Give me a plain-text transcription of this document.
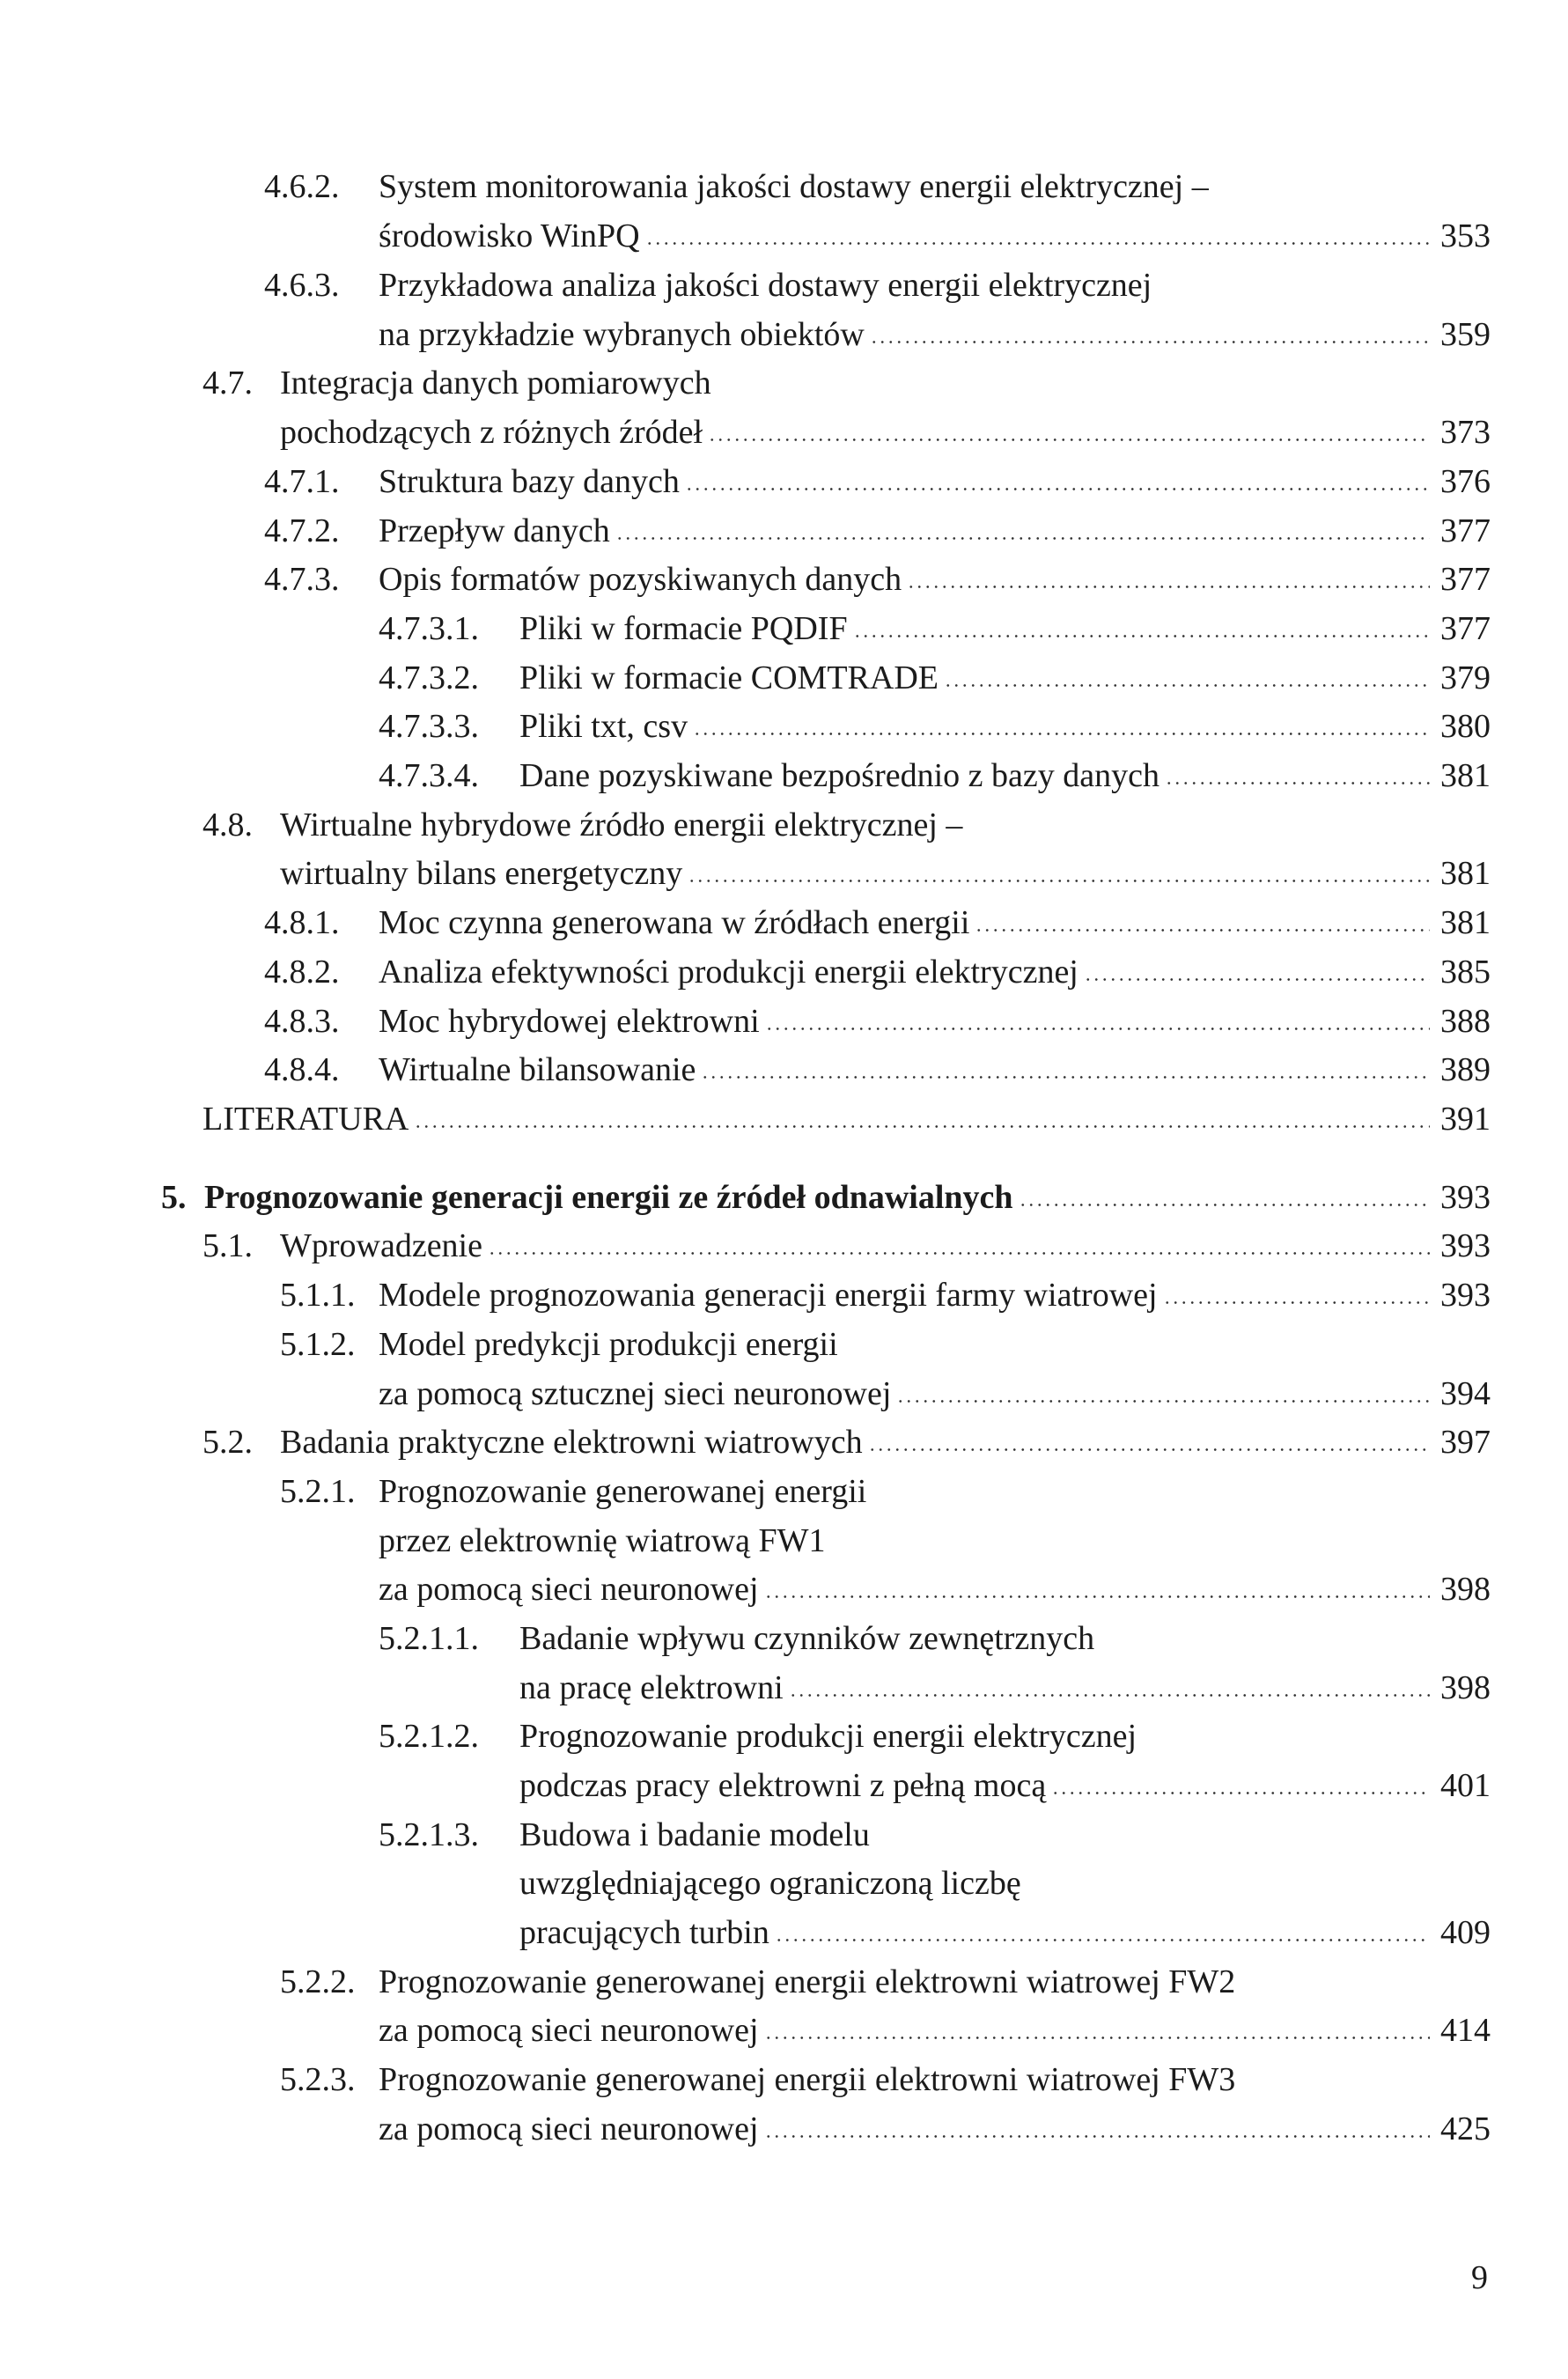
4.6.2.	System monitorowania jakości dostawy energii elektrycznej –
środowisko WinPQ	353
4.6.3.	Przykładowa analiza jakości dostawy energii elektrycznej
na przykładzie wybranych obiektów	359
4.7. Integracja danych pomiarowych
pochodzących z różnych źródeł	373
4.7.1.	Struktura bazy danych	376
4.7.2.	Przepływ danych	377
4.7.3.	Opis formatów pozyskiwanych danych	377
4.7.3.1.	Pliki w formacie PQDIF	377
4.7.3.2.	Pliki w formacie COMTRADE	379
4.7.3.3.	Pliki txt, csv	380
4.7.3.4.	Dane pozyskiwane bezpośrednio z bazy danych	381
4.8. Wirtualne hybrydowe źródło energii elektrycznej –
wirtualny bilans energetyczny	381
4.8.1.	Moc czynna generowana w źródłach energii	381
4.8.2.	Analiza efektywności produkcji energii elektrycznej	385
4.8.3.	Moc hybrydowej elektrowni	388
4.8.4.	Wirtualne bilansowanie	389
LITERATURA	391
5. Prognozowanie generacji energii ze źródeł odnawialnych	393
5.1. Wprowadzenie	393
5.1.1. Modele prognozowania generacji energii farmy wiatrowej	393
5.1.2. Model predykcji produkcji energii
za pomocą sztucznej sieci neuronowej	394
5.2. Badania praktyczne elektrowni wiatrowych	397
5.2.1. Prognozowanie generowanej energii
przez elektrownię wiatrową FW1
za pomocą sieci neuronowej	398
5.2.1.1.	Badanie wpływu czynników zewnętrznych
na pracę elektrowni	398
5.2.1.2.	Prognozowanie produkcji energii elektrycznej
podczas pracy elektrowni z pełną mocą	401
5.2.1.3.	Budowa i badanie modelu
uwzględniającego ograniczoną liczbę
pracujących turbin	409
5.2.2. Prognozowanie generowanej energii elektrowni wiatrowej FW2
za pomocą sieci neuronowej	414
5.2.3. Prognozowanie generowanej energii elektrowni wiatrowej FW3
za pomocą sieci neuronowej	425
9
